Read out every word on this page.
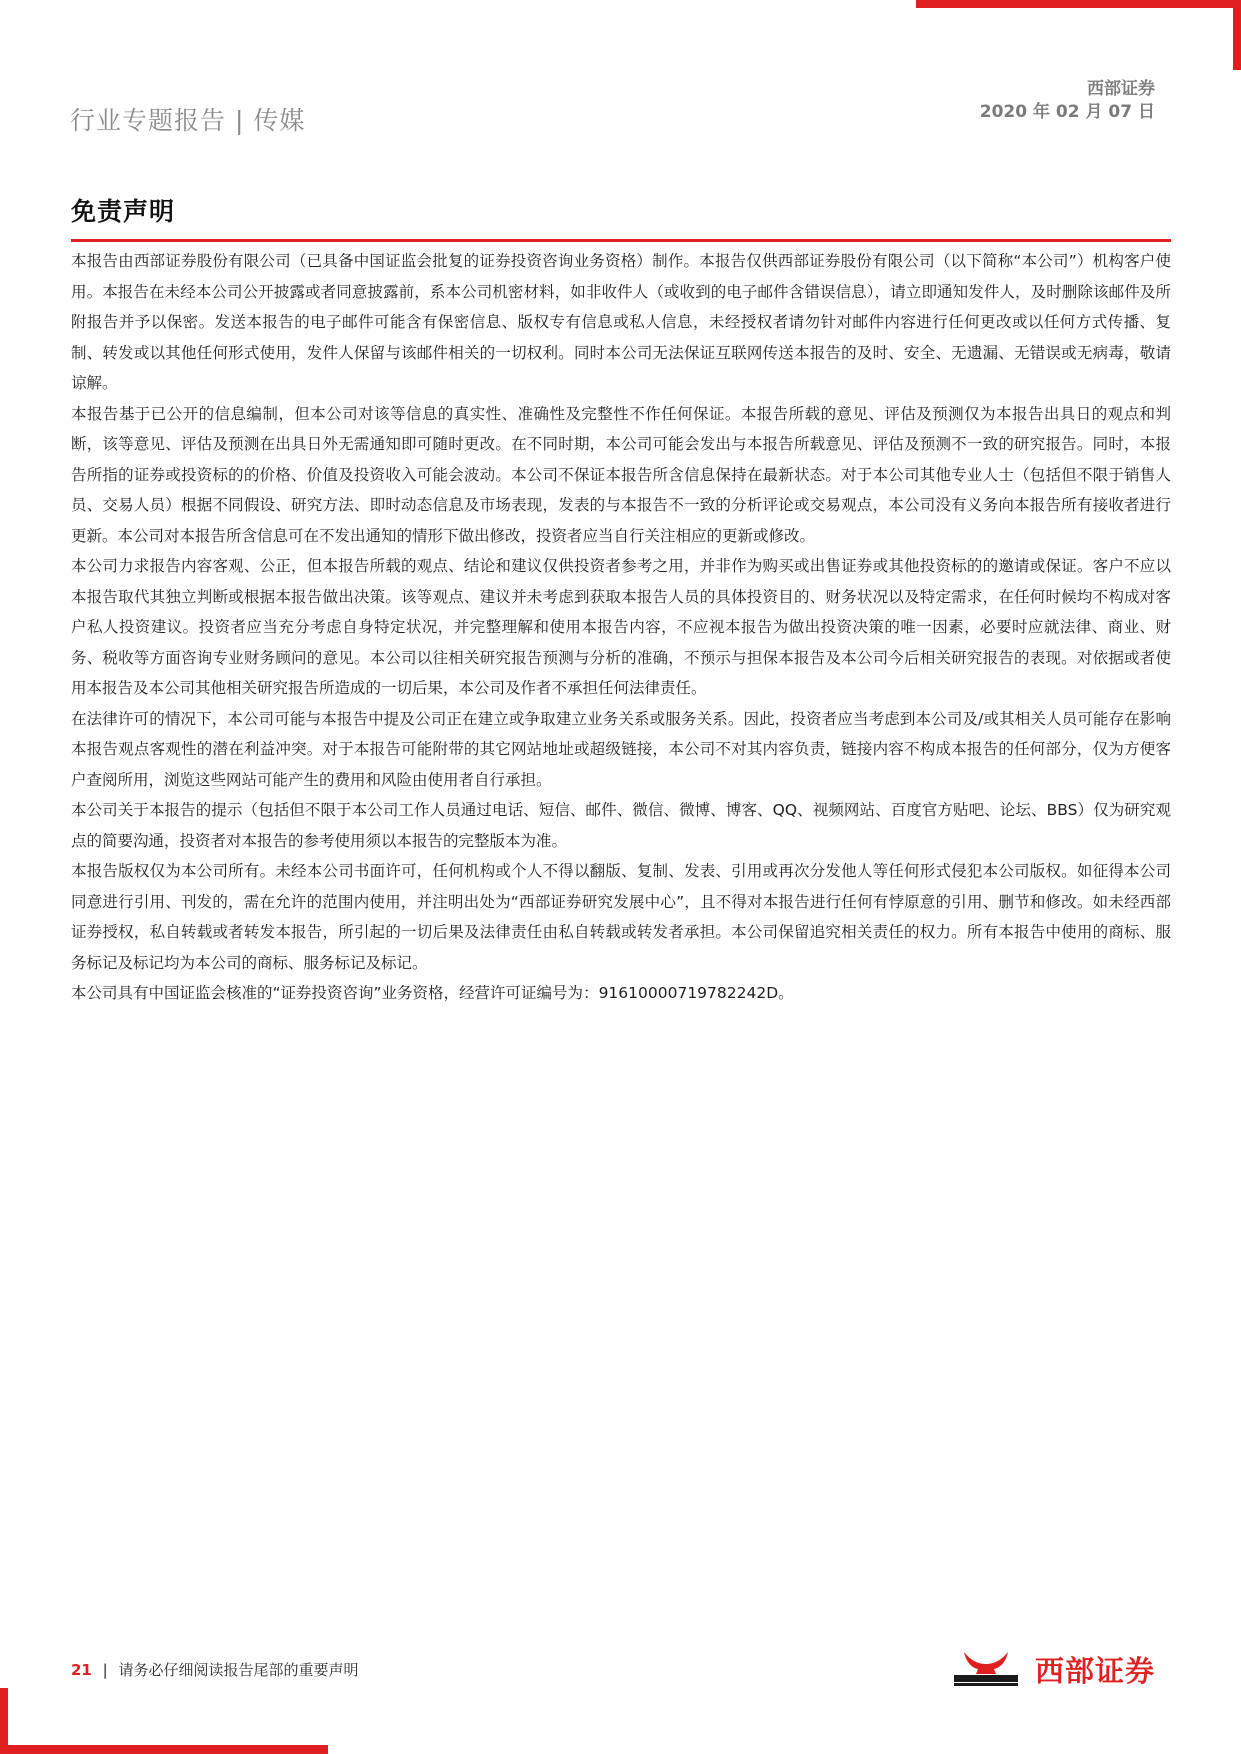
行业专题报告 | 传媒
西部证券
2020 年 02 月 07 日
免责声明

本报告由西部证券股份有限公司（已具备中国证监会批复的证券投资咨询业务资格）制作。本报告仅供西部证券股份有限公司（以下简称“本公司”）机构客户使用。本报告在未经本公司公开披露或者同意披露前，系本公司机密材料，如非收件人（或收到的电子邮件含错误信息），请立即通知发件人，及时删除该邮件及所附报告并予以保密。发送本报告的电子邮件可能含有保密信息、版权专有信息或私人信息，未经授权者请勿针对邮件内容进行任何更改或以任何方式传播、复制、转发或以其他任何形式使用，发件人保留与该邮件相关的一切权利。同时本公司无法保证互联网传送本报告的及时、安全、无遗漏、无错误或无病毒，敬请谅解。

本报告基于已公开的信息编制，但本公司对该等信息的真实性、准确性及完整性不作任何保证。本报告所载的意见、评估及预测仅为本报告出具日的观点和判断，该等意见、评估及预测在出具日外无需通知即可随时更改。在不同时期，本公司可能会发出与本报告所载意见、评估及预测不一致的研究报告。同时，本报告所指的证券或投资标的的价格、价值及投资收入可能会波动。本公司不保证本报告所含信息保持在最新状态。对于本公司其他专业人士（包括但不限于销售人员、交易人员）根据不同假设、研究方法、即时动态信息及市场表现，发表的与本报告不一致的分析评论或交易观点，本公司没有义务向本报告所有接收者进行更新。本公司对本报告所含信息可在不发出通知的情形下做出修改，投资者应当自行关注相应的更新或修改。

本公司力求报告内容客观、公正，但本报告所载的观点、结论和建议仅供投资者参考之用，并非作为购买或出售证券或其他投资标的的邀请或保证。客户不应以本报告取代其独立判断或根据本报告做出决策。该等观点、建议并未考虑到获取本报告人员的具体投资目的、财务状况以及特定需求，在任何时候均不构成对客户私人投资建议。投资者应当充分考虑自身特定状况，并完整理解和使用本报告内容，不应视本报告为做出投资决策的唯一因素，必要时应就法律、商业、财务、税收等方面咨询专业财务顾问的意见。本公司以往相关研究报告预测与分析的准确，不预示与担保本报告及本公司今后相关研究报告的表现。对依据或者使用本报告及本公司其他相关研究报告所造成的一切后果，本公司及作者不承担任何法律责任。

在法律许可的情况下，本公司可能与本报告中提及公司正在建立或争取建立业务关系或服务关系。因此，投资者应当考虑到本公司及/或其相关人员可能存在影响本报告观点客观性的潜在利益冲突。对于本报告可能附带的其它网站地址或超级链接，本公司不对其内容负责，链接内容不构成本报告的任何部分，仅为方便客户查阅所用，浏览这些网站可能产生的费用和风险由使用者自行承担。

本公司关于本报告的提示（包括但不限于本公司工作人员通过电话、短信、邮件、微信、微博、博客、QQ、视频网站、百度官方贴吧、论坛、BBS）仅为研究观点的简要沟通，投资者对本报告的参考使用须以本报告的完整版本为准。

本报告版权仅为本公司所有。未经本公司书面许可，任何机构或个人不得以翻版、复制、发表、引用或再次分发他人等任何形式侵犯本公司版权。如征得本公司同意进行引用、刊发的，需在允许的范围内使用，并注明出处为“西部证券研究发展中心”，且不得对本报告进行任何有悖原意的引用、删节和修改。如未经西部证券授权，私自转载或者转发本报告，所引起的一切后果及法律责任由私自转载或转发者承担。本公司保留追究相关责任的权力。所有本报告中使用的商标、服务标记及标记均为本公司的商标、服务标记及标记。

本公司具有中国证监会核准的“证券投资咨询”业务资格，经营许可证编号为：91610000719782242D。

21 | 请务必仔细阅读报告尾部的重要声明	西部证券
